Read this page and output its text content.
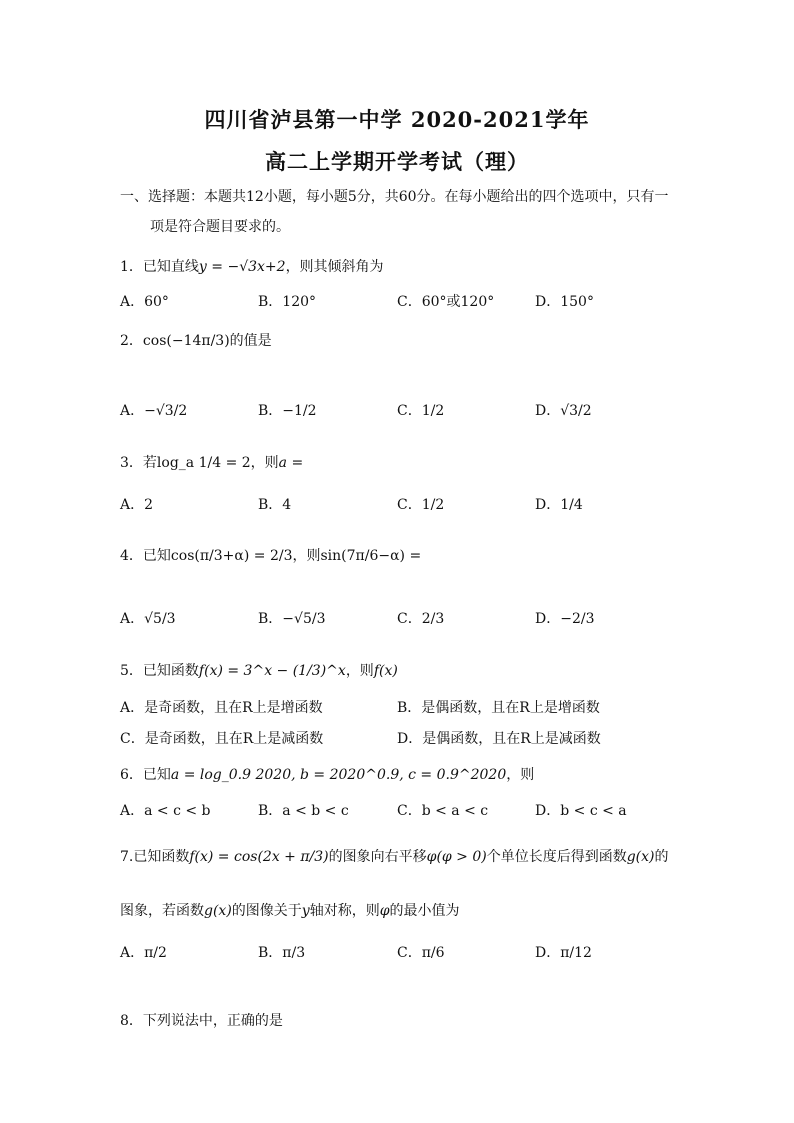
四川省泸县第一中学 2020-2021学年
高二上学期开学考试（理）
一、选择题：本题共12小题，每小题5分，共60分。在每小题给出的四个选项中，只有一
项是符合题目要求的。
1．已知直线y = −√3x+2，则其倾斜角为
A．60°	B．120°	C．60°或120°	D．150°
2．cos(−14π/3)的值是
A．−√3/2	B．−1/2	C．1/2	D．√3/2
3．若log_a 1/4 = 2，则a =
A．2	B．4	C．1/2	D．1/4
4．已知cos(π/3+α) = 2/3，则sin(7π/6−α) =
A．√5/3	B．−√5/3	C．2/3	D．−2/3
5．已知函数f(x) = 3^x − (1/3)^x，则f(x)
A．是奇函数，且在R上是增函数	B．是偶函数，且在R上是增函数
C．是奇函数，且在R上是减函数	D．是偶函数，且在R上是减函数
6．已知a = log_0.9 2020, b = 2020^0.9, c = 0.9^2020，则
A．a < c < b	B．a < b < c	C．b < a < c	D．b < c < a
7.已知函数f(x) = cos(2x + π/3)的图象向右平移φ(φ > 0)个单位长度后得到函数g(x)的
图象，若函数g(x)的图像关于y轴对称，则φ的最小值为
A．π/2	B．π/3	C．π/6	D．π/12
8．下列说法中，正确的是
